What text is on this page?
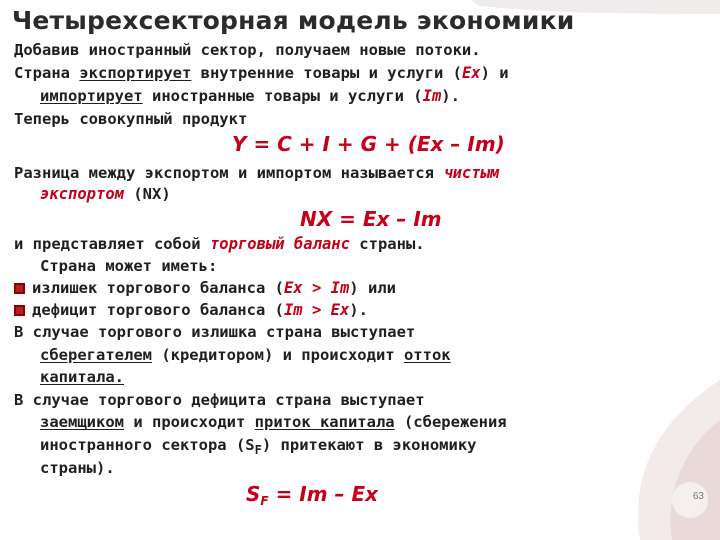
Четырехсекторная модель экономики

Добавив иностранный сектор, получаем новые потоки.

Страна экспортирует внутренние товары и услуги (Ex) и

импортирует иностранные товары и услуги (Im).

Теперь совокупный продукт

Y = C + I + G + (Ex – Im)

Разница между экспортом и импортом называется чистым

экспортом (NX)

NX = Ex – Im

и представляет собой торговый баланс страны.

Страна может иметь:

излишек торгового баланса (Ex > Im) или

дефицит торгового баланса (Im > Ex).

В случае торгового излишка страна выступает

сберегателем (кредитором) и происходит отток

капитала.

В случае торгового дефицита страна выступает

заемщиком и происходит приток капитала (сбережения

иностранного сектора $(S_F)$ притекают в экономику

страны).

$S_F = Im - Ex$	63
